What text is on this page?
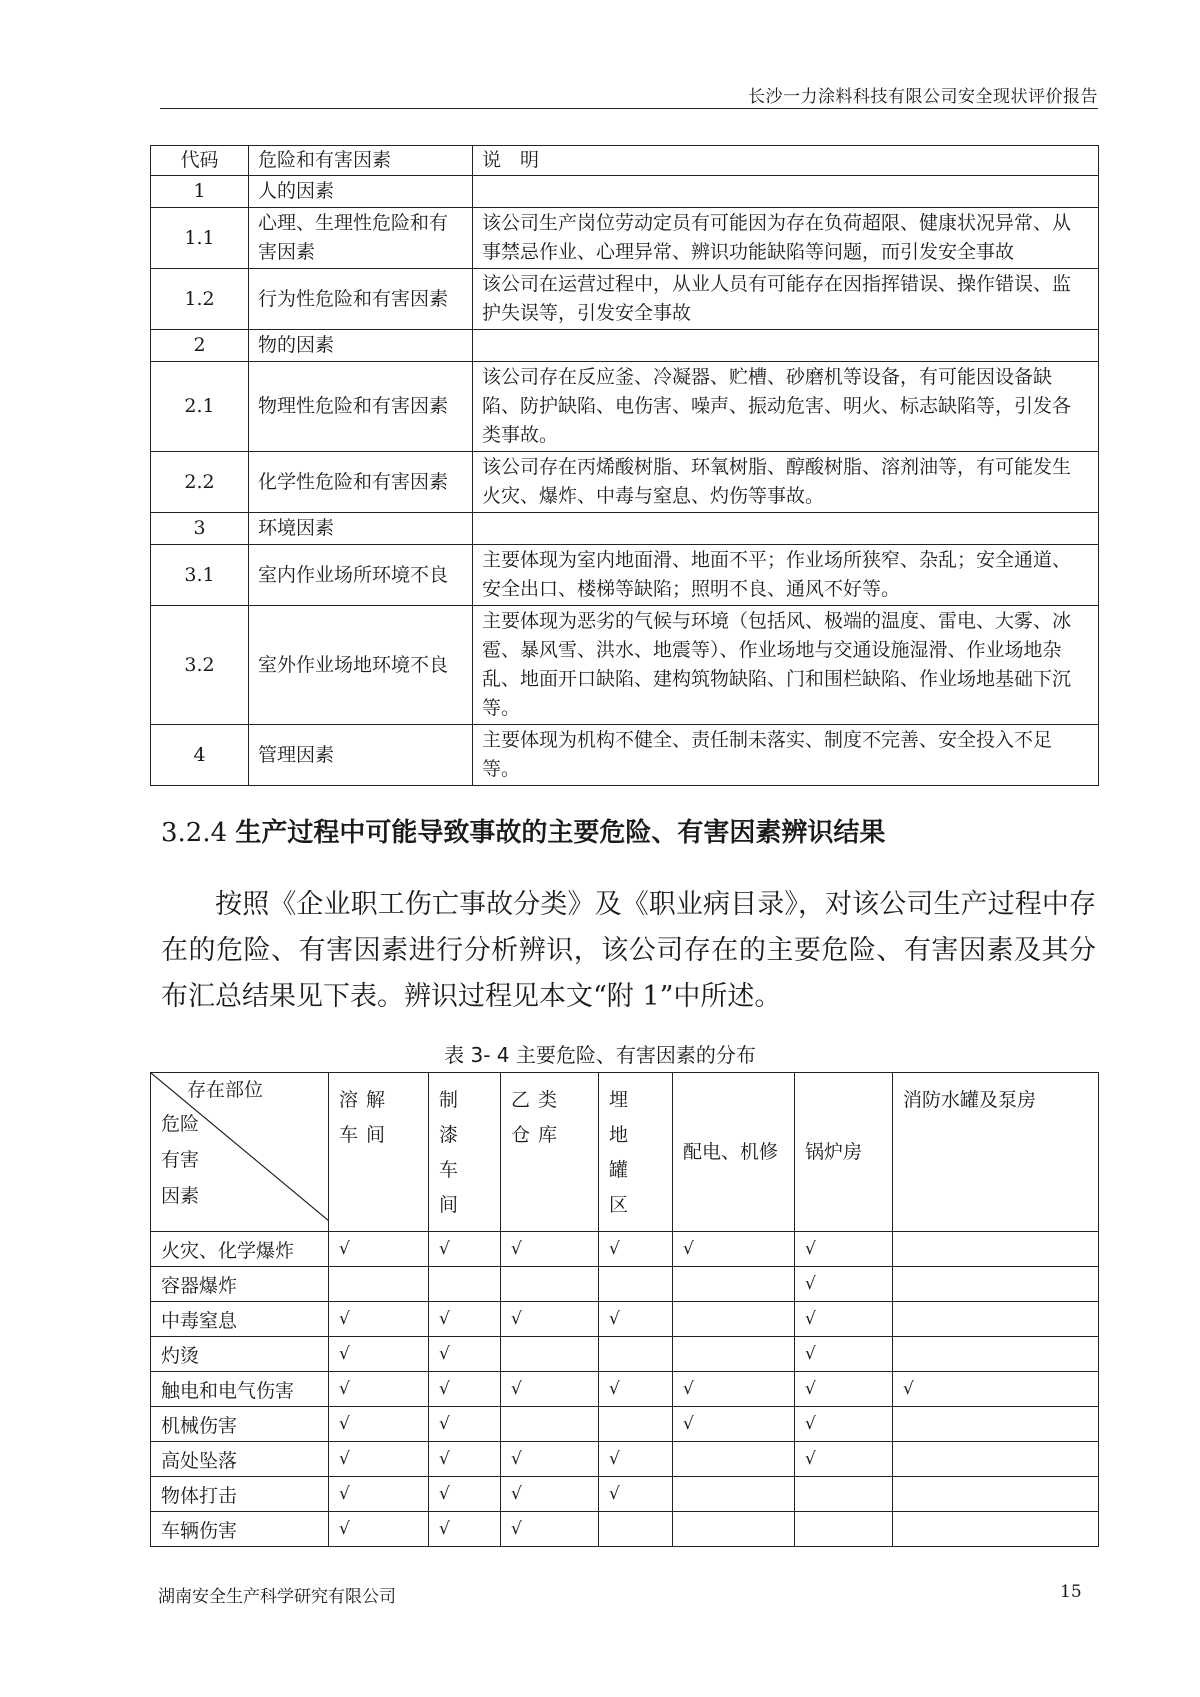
长沙一力涂料科技有限公司安全现状评价报告
代码	危险和有害因素	说　明
1	人的因素	
1.1	心理、生理性危险和有害因素	该公司生产岗位劳动定员有可能因为存在负荷超限、健康状况异常、从事禁忌作业、心理异常、辨识功能缺陷等问题，而引发安全事故
1.2	行为性危险和有害因素	该公司在运营过程中，从业人员有可能存在因指挥错误、操作错误、监护失误等，引发安全事故
2	物的因素	
2.1	物理性危险和有害因素	该公司存在反应釜、冷凝器、贮槽、砂磨机等设备，有可能因设备缺陷、防护缺陷、电伤害、噪声、振动危害、明火、标志缺陷等，引发各类事故。
2.2	化学性危险和有害因素	该公司存在丙烯酸树脂、环氧树脂、醇酸树脂、溶剂油等，有可能发生火灾、爆炸、中毒与窒息、灼伤等事故。
3	环境因素	
3.1	室内作业场所环境不良	主要体现为室内地面滑、地面不平；作业场所狭窄、杂乱；安全通道、安全出口、楼梯等缺陷；照明不良、通风不好等。
3.2	室外作业场地环境不良	主要体现为恶劣的气候与环境（包括风、极端的温度、雷电、大雾、冰雹、暴风雪、洪水、地震等）、作业场地与交通设施湿滑、作业场地杂乱、地面开口缺陷、建构筑物缺陷、门和围栏缺陷、作业场地基础下沉等。
4	管理因素	主要体现为机构不健全、责任制未落实、制度不完善、安全投入不足等。
3.2.4 生产过程中可能导致事故的主要危险、有害因素辨识结果

按照《企业职工伤亡事故分类》及《职业病目录》，对该公司生产过程中存在的危险、有害因素进行分析辨识，该公司存在的主要危险、有害因素及其分布汇总结果见下表。辨识过程见本文“附 1”中所述。

表 3- 4 主要危险、有害因素的分布
存在部位
危险
有害
因素	溶解车间	制漆车间	乙类仓库	埋地罐区	配电、机修	锅炉房	消防水罐及泵房
火灾、化学爆炸	√	√	√	√	√	√	
容器爆炸						√	
中毒窒息	√	√	√	√		√	
灼烫	√	√				√	
触电和电气伤害	√	√	√	√	√	√	√
机械伤害	√	√			√	√	
高处坠落	√	√	√	√		√	
物体打击	√	√	√	√			
车辆伤害	√	√	√				
湖南安全生产科学研究有限公司	15
